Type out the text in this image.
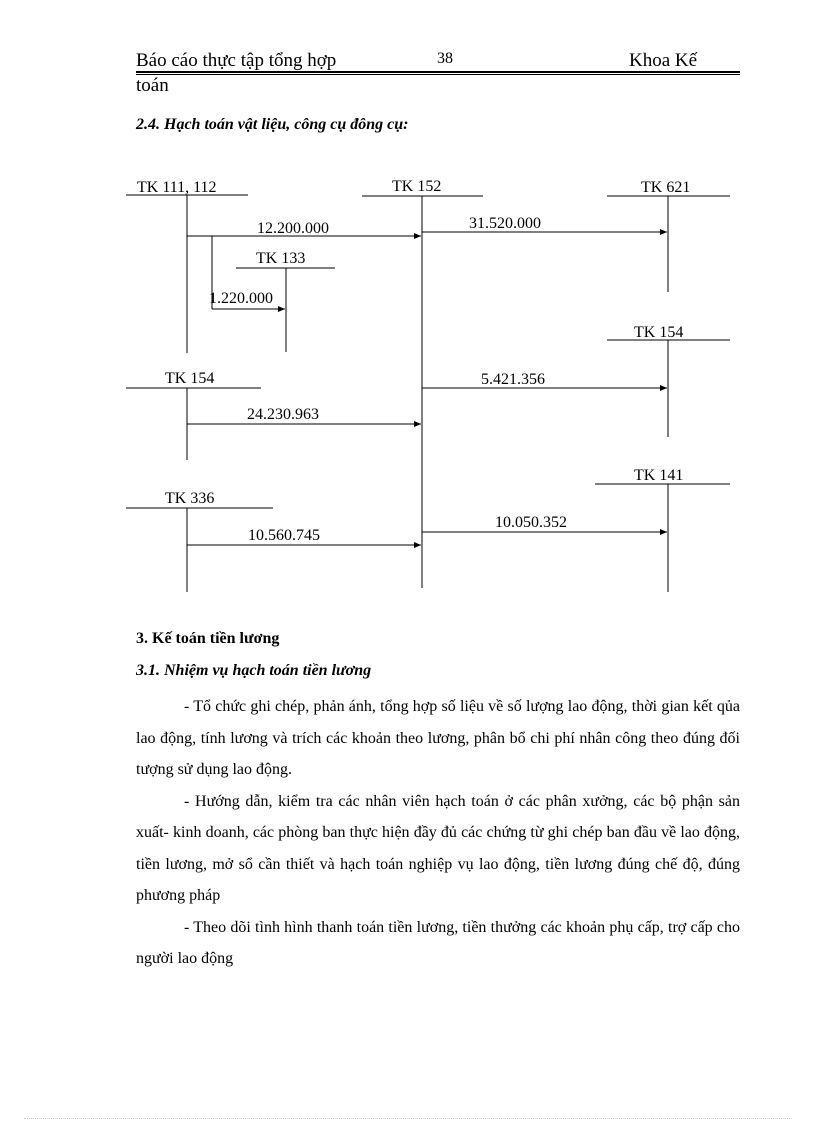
Báo cáo thực tập tổng hợp	38	Khoa Kế
toán
2.4. Hạch toán vật liệu, công cụ đông cụ:
TK 111, 112	TK 152	TK 621
12.200.000	31.520.000
TK 133
1.220.000
TK 154
5.421.356
TK 154
24.230.963
TK 141
10.050.352
TK 336
10.560.745
3. Kế toán tiền lương
3.1. Nhiệm vụ hạch toán tiền lương

- Tổ chức ghi chép, phản ánh, tổng hợp số liệu về số lượng lao động, thời gian kết qủa lao động, tính lương và trích các khoản theo lương, phân bổ chi phí nhân công theo đúng đối tượng sử dụng lao động.

- Hướng dẫn, kiểm tra các nhân viên hạch toán ở các phân xưởng, các bộ phận sản xuất- kinh doanh, các phòng ban thực hiện đầy đủ các chứng từ ghi chép ban đầu về lao động, tiền lương, mở sổ cần thiết và hạch toán nghiệp vụ lao động, tiền lương đúng chế độ, đúng phương pháp

- Theo dõi tình hình thanh toán tiền lương, tiền thưởng các khoản phụ cấp, trợ cấp cho người lao động
